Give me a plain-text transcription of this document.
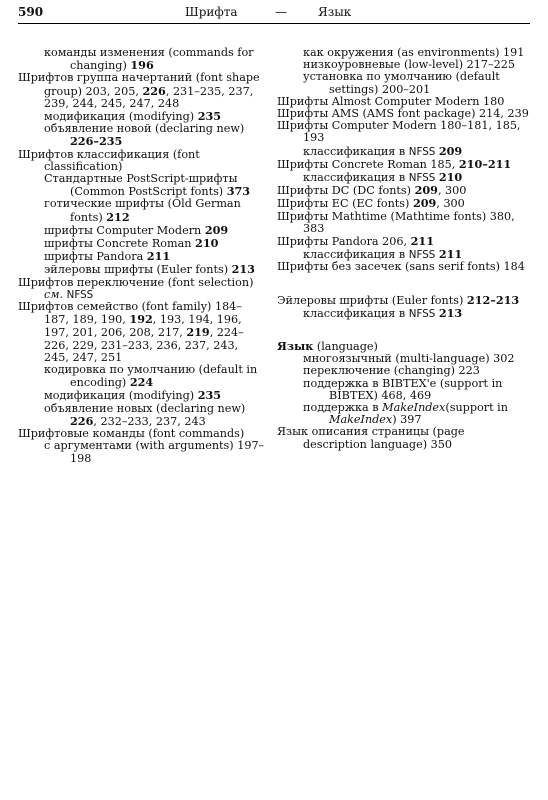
590	Шрифта	—	Язык
команды изменения (commands for changing) 196
Шрифтов группа начертаний (font shape group) 203, 205, 226, 231–235, 237, 239, 244, 245, 247, 248
модификация (modifying) 235
объявление новой (declaring new) 226–235
Шрифтов классификация (font classification)
Стандартные PostScript-шрифты (Common PostScript fonts) 373
готические шрифты (Old German fonts) 212
шрифты Computer Modern 209
шрифты Concrete Roman 210
шрифты Pandora 211
эйлеровы шрифты (Euler fonts) 213
Шрифтов переключение (font selection) см. NFSS
Шрифтов семейство (font family) 184–187, 189, 190, 192, 193, 194, 196, 197, 201, 206, 208, 217, 219, 224–226, 229, 231–233, 236, 237, 243, 245, 247, 251
кодировка по умолчанию (default in encoding) 224
модификация (modifying) 235
объявление новых (declaring new) 226, 232–233, 237, 243
Шрифтовые команды (font commands)
с аргументами (with arguments) 197–198
как окружения (as environments) 191
низкоуровневые (low-level) 217–225
установка по умолчанию (default settings) 200–201
Шрифты Almost Computer Modern 180
Шрифты AMS (AMS font package) 214, 239
Шрифты Computer Modern 180–181, 185, 193
классификация в NFSS 209
Шрифты Concrete Roman 185, 210–211
классификация в NFSS 210
Шрифты DC (DC fonts) 209, 300
Шрифты EC (EC fonts) 209, 300
Шрифты Mathtime (Mathtime fonts) 380, 383
Шрифты Pandora 206, 211
классификация в NFSS 211
Шрифты без засечек (sans serif fonts) 184
Эйлеровы шрифты (Euler fonts) 212–213
классификация в NFSS 213
Язык (language)
многоязычный (multi-language) 302
переключение (changing) 223
поддержка в BIBTEX'е (support in BIBTEX) 468, 469
поддержка в MakeIndex(support in MakeIndex) 397
Язык описания страницы (page description language) 350
